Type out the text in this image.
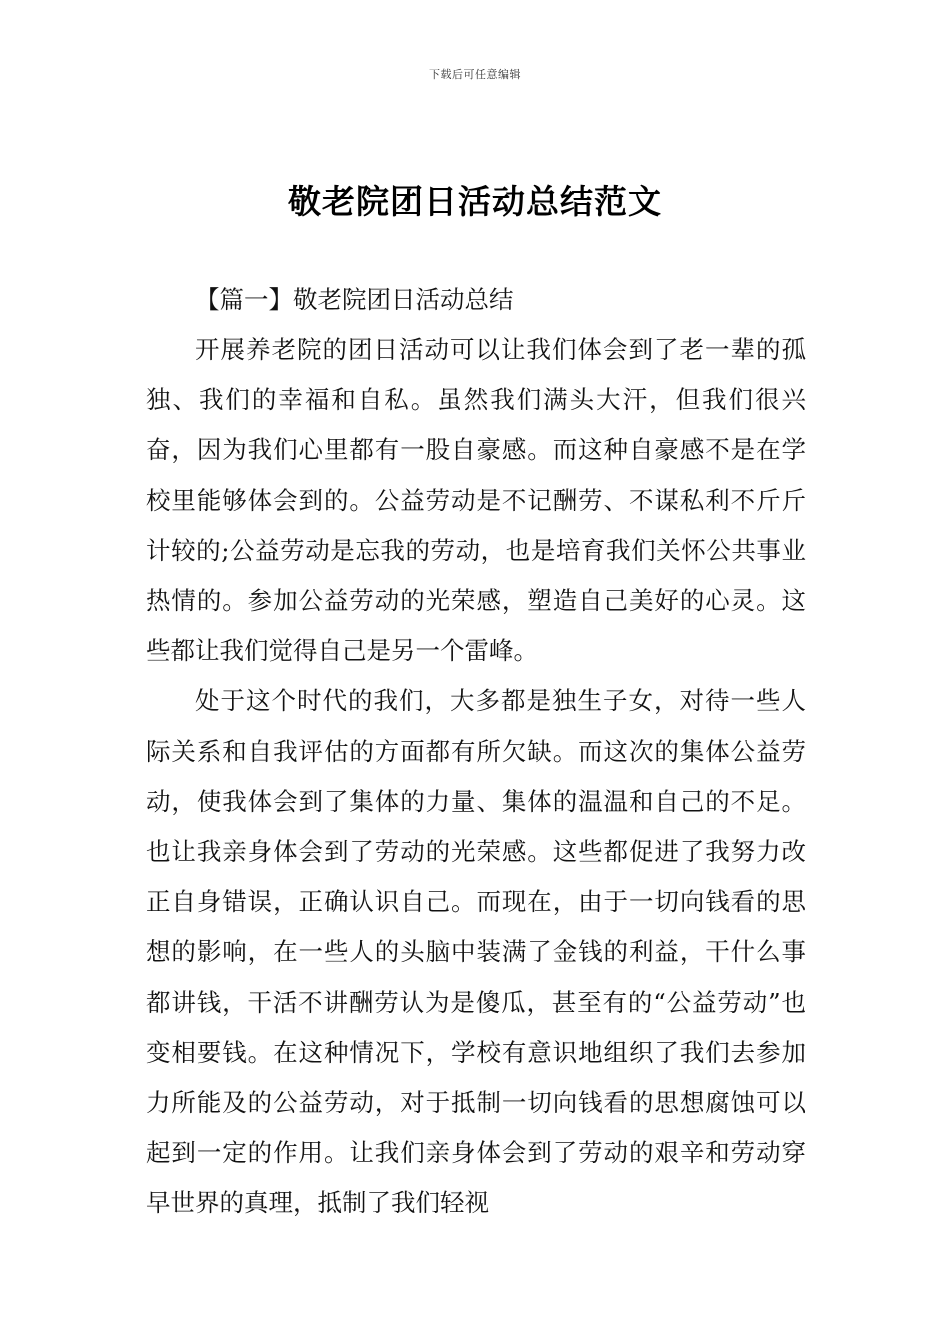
下载后可任意编辑
敬老院团日活动总结范文

【篇一】敬老院团日活动总结

开展养老院的团日活动可以让我们体会到了老一辈的孤独、我们的幸福和自私。虽然我们满头大汗，但我们很兴奋，因为我们心里都有一股自豪感。而这种自豪感不是在学校里能够体会到的。公益劳动是不记酬劳、不谋私利不斤斤计较的;公益劳动是忘我的劳动，也是培育我们关怀公共事业热情的。参加公益劳动的光荣感，塑造自己美好的心灵。这些都让我们觉得自己是另一个雷峰。

处于这个时代的我们，大多都是独生子女，对待一些人际关系和自我评估的方面都有所欠缺。而这次的集体公益劳动，使我体会到了集体的力量、集体的温温和自己的不足。也让我亲身体会到了劳动的光荣感。这些都促进了我努力改正自身错误，正确认识自己。而现在，由于一切向钱看的思想的影响，在一些人的头脑中装满了金钱的利益，干什么事都讲钱，干活不讲酬劳认为是傻瓜，甚至有的“公益劳动”也变相要钱。在这种情况下，学校有意识地组织了我们去参加力所能及的公益劳动，对于抵制一切向钱看的思想腐蚀可以起到一定的作用。让我们亲身体会到了劳动的艰辛和劳动穿早世界的真理，抵制了我们轻视
